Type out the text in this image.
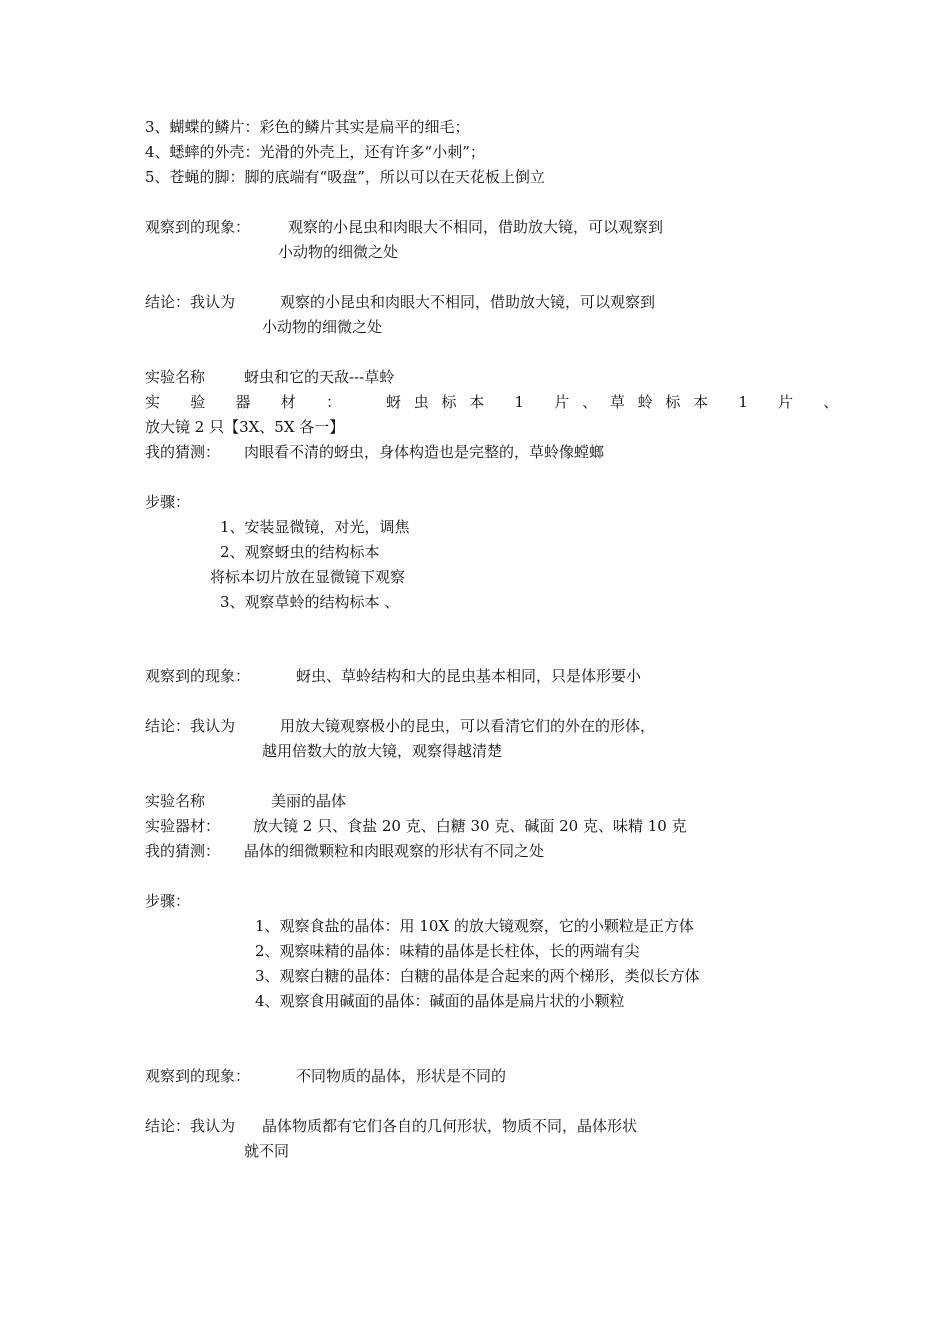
3、蝴蝶的鳞片：彩色的鳞片其实是扁平的细毛；
4、蟋蟀的外壳：光滑的外壳上，还有许多“小刺”；
5、苍蝇的脚：脚的底端有“吸盘”，所以可以在天花板上倒立
观察到的现象：	观察的小昆虫和肉眼大不相同，借助放大镜，可以观察到
小动物的细微之处
结论：我认为	观察的小昆虫和肉眼大不相同，借助放大镜，可以观察到
小动物的细微之处
实验名称	蚜虫和它的天敌---草蛉
实 验 器 材 ： 蚜虫标本 1 片、草蛉标本 1 片 、
放大镜 2 只【3X、5X 各一】
我的猜测： 肉眼看不清的蚜虫，身体构造也是完整的，草蛉像螳螂
步骤：
1、安装显微镜，对光，调焦
2、观察蚜虫的结构标本
将标本切片放在显微镜下观察
3、观察草蛉的结构标本 、
观察到的现象：	蚜虫、草蛉结构和大的昆虫基本相同，只是体形要小
结论：我认为	用放大镜观察极小的昆虫，可以看清它们的外在的形体，
越用倍数大的放大镜，观察得越清楚
实验名称	美丽的晶体
实验器材： 放大镜 2 只、食盐 20 克、白糖 30 克、碱面 20 克、味精 10 克
我的猜测： 晶体的细微颗粒和肉眼观察的形状有不同之处
步骤：
1、观察食盐的晶体：用 10X 的放大镜观察，它的小颗粒是正方体
2、观察味精的晶体：味精的晶体是长柱体，长的两端有尖
3、观察白糖的晶体：白糖的晶体是合起来的两个梯形，类似长方体
4、观察食用碱面的晶体：碱面的晶体是扁片状的小颗粒
观察到的现象：	不同物质的晶体，形状是不同的
结论：我认为 晶体物质都有它们各自的几何形状，物质不同，晶体形状
就不同
